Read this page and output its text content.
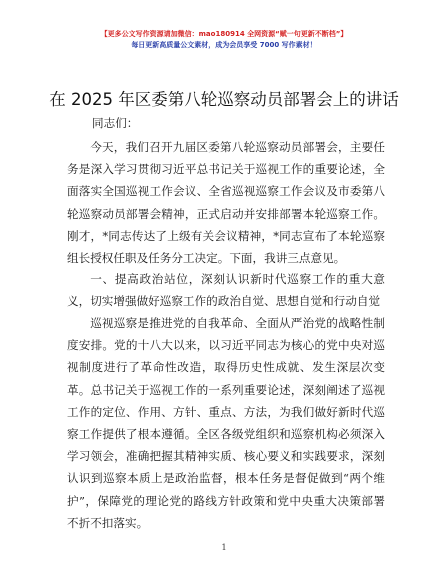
【更多公文写作资源请加微信：mao180914 全网资源“赋一句更新不断档”】
每日更新高质量公文素材，成为会员享受 7000 写作素材！
在 2025 年区委第八轮巡察动员部署会上的讲话

同志们：

今天，我们召开九届区委第八轮巡察动员部署会，主要任务是深入学习贯彻习近平总书记关于巡视工作的重要论述，全面落实全国巡视工作会议、全省巡视巡察工作会议及市委第八轮巡察动员部署会精神，正式启动并安排部署本轮巡察工作。刚才，*同志传达了上级有关会议精神，*同志宣布了本轮巡察组长授权任职及任务分工决定。下面，我讲三点意见。

一、提高政治站位，深刻认识新时代巡察工作的重大意义，切实增强做好巡察工作的政治自觉、思想自觉和行动自觉

巡视巡察是推进党的自我革命、全面从严治党的战略性制度安排。党的十八大以来，以习近平同志为核心的党中央对巡视制度进行了革命性改造，取得历史性成就、发生深层次变革。总书记关于巡视工作的一系列重要论述，深刻阐述了巡视工作的定位、作用、方针、重点、方法，为我们做好新时代巡察工作提供了根本遵循。全区各级党组织和巡察机构必须深入学习领会，准确把握其精神实质、核心要义和实践要求，深刻认识到巡察本质上是政治监督，根本任务是督促做到“两个维护”，保障党的理论党的路线方针政策和党中央重大决策部署不折不扣落实。

1
